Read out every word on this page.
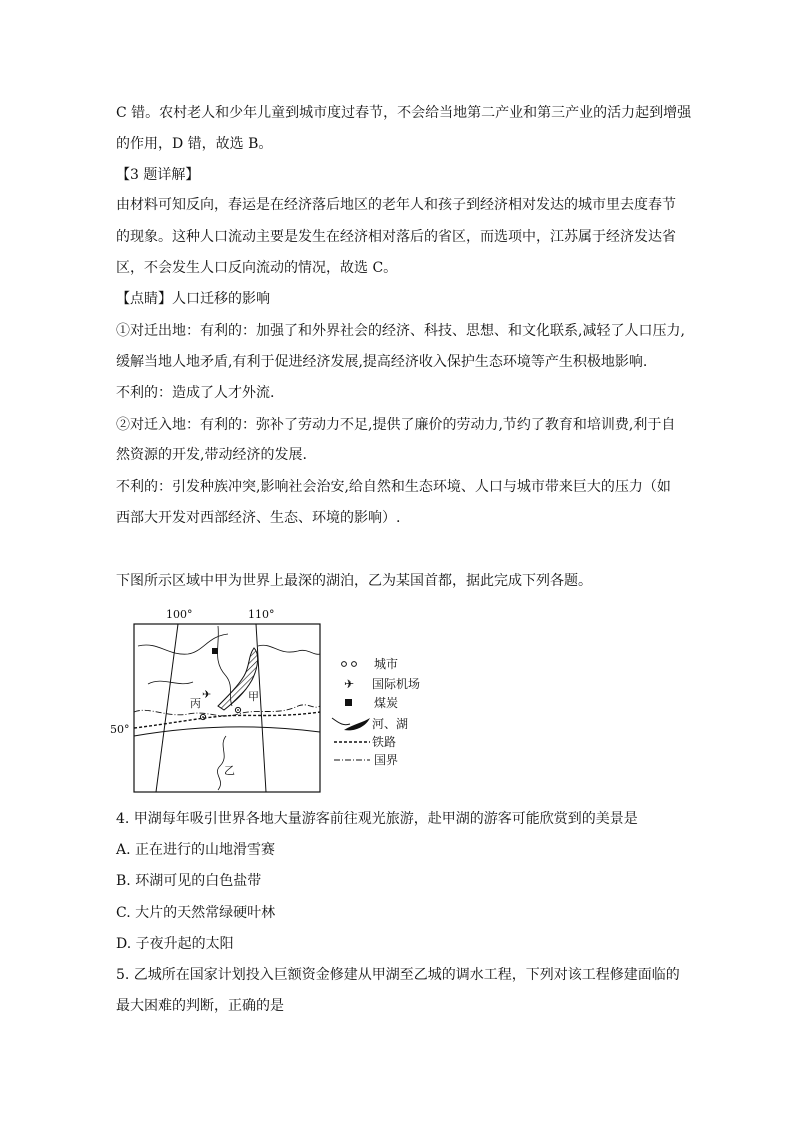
C 错。农村老人和少年儿童到城市度过春节，不会给当地第二产业和第三产业的活力起到增强
的作用，D 错，故选 B。
【3 题详解】
由材料可知反向，春运是在经济落后地区的老年人和孩子到经济相对发达的城市里去度春节
的现象。这种人口流动主要是发生在经济相对落后的省区，而选项中，江苏属于经济发达省
区，不会发生人口反向流动的情况，故选 C。
【点睛】人口迁移的影响
①对迁出地：有利的：加强了和外界社会的经济、科技、思想、和文化联系,减轻了人口压力,
缓解当地人地矛盾,有利于促进经济发展,提高经济收入保护生态环境等产生积极地影响.
不利的：造成了人才外流.
②对迁入地：有利的：弥补了劳动力不足,提供了廉价的劳动力,节约了教育和培训费,利于自
然资源的开发,带动经济的发展.
不利的：引发种族冲突,影响社会治安,给自然和生态环境、人口与城市带来巨大的压力（如
西部大开发对西部经济、生态、环境的影响）.
下图所示区域中甲为世界上最深的湖泊，乙为某国首都，据此完成下列各题。
✈
100°	110°
50°
甲
丙
乙
城市
✈ 国际机场
煤炭
河、湖
铁路
国界
4. 甲湖每年吸引世界各地大量游客前往观光旅游，赴甲湖的游客可能欣赏到的美景是
A. 正在进行的山地滑雪赛
B. 环湖可见的白色盐带
C. 大片的天然常绿硬叶林
D. 子夜升起的太阳
5. 乙城所在国家计划投入巨额资金修建从甲湖至乙城的调水工程，下列对该工程修建面临的
最大困难的判断，正确的是
